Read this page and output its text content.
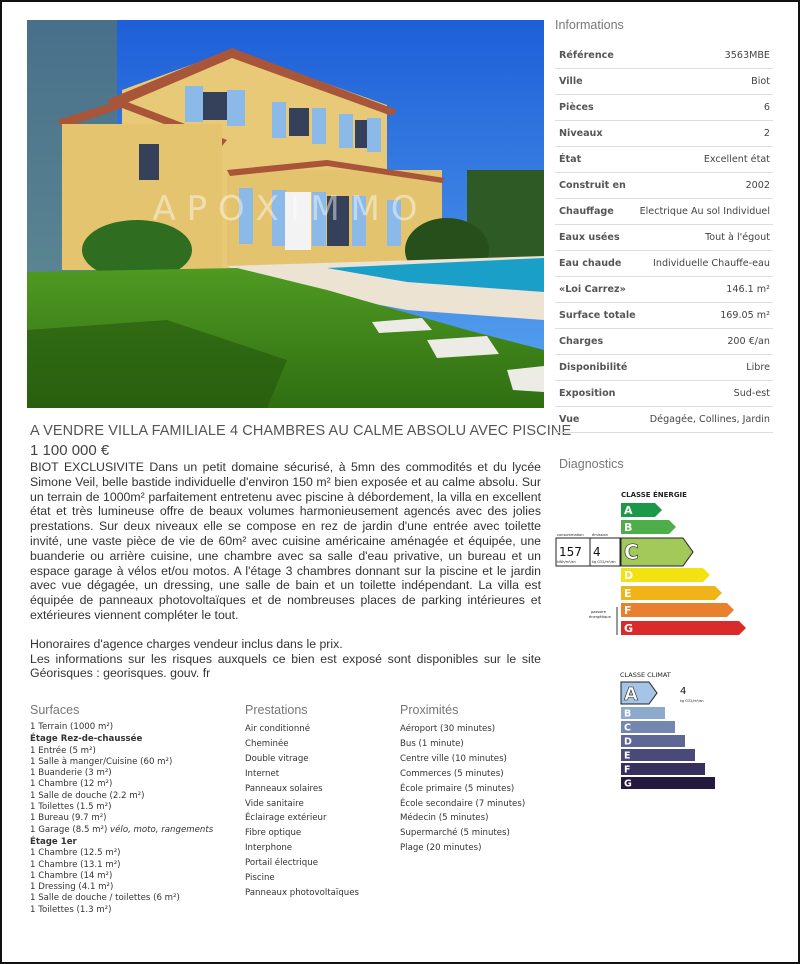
A P O X I M M O
A VENDRE VILLA FAMILIALE 4 CHAMBRES AU CALME ABSOLU AVEC PISCINE
1 100 000 €

BIOT EXCLUSIVITE Dans un petit domaine sécurisé, à 5mn des commodités et du lycée Simone Veil, belle bastide individuelle d'environ 150 m² bien exposée et au calme absolu. Sur un terrain de 1000m² parfaitement entretenu avec piscine à débordement, la villa en excellent état et très lumineuse offre de beaux volumes harmonieusement agencés avec des jolies prestations. Sur deux niveaux elle se compose en rez de jardin d'une entrée avec toilette invité, une vaste pièce de vie de 60m² avec cuisine américaine aménagée et équipée, une buanderie ou arrière cuisine, une chambre avec sa salle d'eau privative, un bureau et un espace garage à vélos et/ou motos. A l'étage 3 chambres donnant sur la piscine et le jardin avec vue dégagée, un dressing, une salle de bain et un toilette indépendant. La villa est équipée de panneaux photovoltaïques et de nombreuses places de parking intérieures et extérieures viennent compléter le tout.

Honoraires d'agence charges vendeur inclus dans le prix.

Les informations sur les risques auxquels ce bien est exposé sont disponibles sur le site Géorisques : georisques. gouv. fr

Surfaces
1 Terrain (1000 m²)
Étage Rez-de-chaussée
1 Entrée (5 m²)
1 Salle à manger/Cuisine (60 m²)
1 Buanderie (3 m²)
1 Chambre (12 m²)
1 Salle de douche (2.2 m²)
1 Toilettes (1.5 m²)
1 Bureau (9.7 m²)
1 Garage (8.5 m²) vélo, moto, rangements
Étage 1er
1 Chambre (12.5 m²)
1 Chambre (13.1 m²)
1 Chambre (14 m²)
1 Dressing (4.1 m²)
1 Salle de douche / toilettes (6 m²)
1 Toilettes (1.3 m²)
Prestations
Air conditionné
Cheminée
Double vitrage
Internet
Panneaux solaires
Vide sanitaire
Éclairage extérieur
Fibre optique
Interphone
Portail électrique
Piscine
Panneaux photovoltaïques
Proximités
Aéroport (30 minutes)
Bus (1 minute)
Centre ville (10 minutes)
Commerces (5 minutes)
École primaire (5 minutes)
École secondaire (7 minutes)
Médecin (5 minutes)
Supermarché (5 minutes)
Plage (20 minutes)
Informations
Référence	3563MBE
Ville	Biot
Pièces	6
Niveaux	2
État	Excellent état
Construit en	2002
Chauffage	Electrique Au sol Individuel
Eaux usées	Tout à l'égout
Eau chaude	Individuelle Chauffe-eau
«Loi Carrez»	146.1 m²
Surface totale	169.05 m²
Charges	200 €/an
Disponibilité	Libre
Exposition	Sud-est
Vue	Dégagée, Collines, Jardin
Diagnostics
CLASSE ÉNERGIE
consommation émission
157 4
kWh/m²/an	kg CO2/m²/an
passoire
énergétique
A
B
C
D
E
F
G
CLASSE CLIMAT
4
kg CO2/m²/an
A
B
C
D
E
F
G
